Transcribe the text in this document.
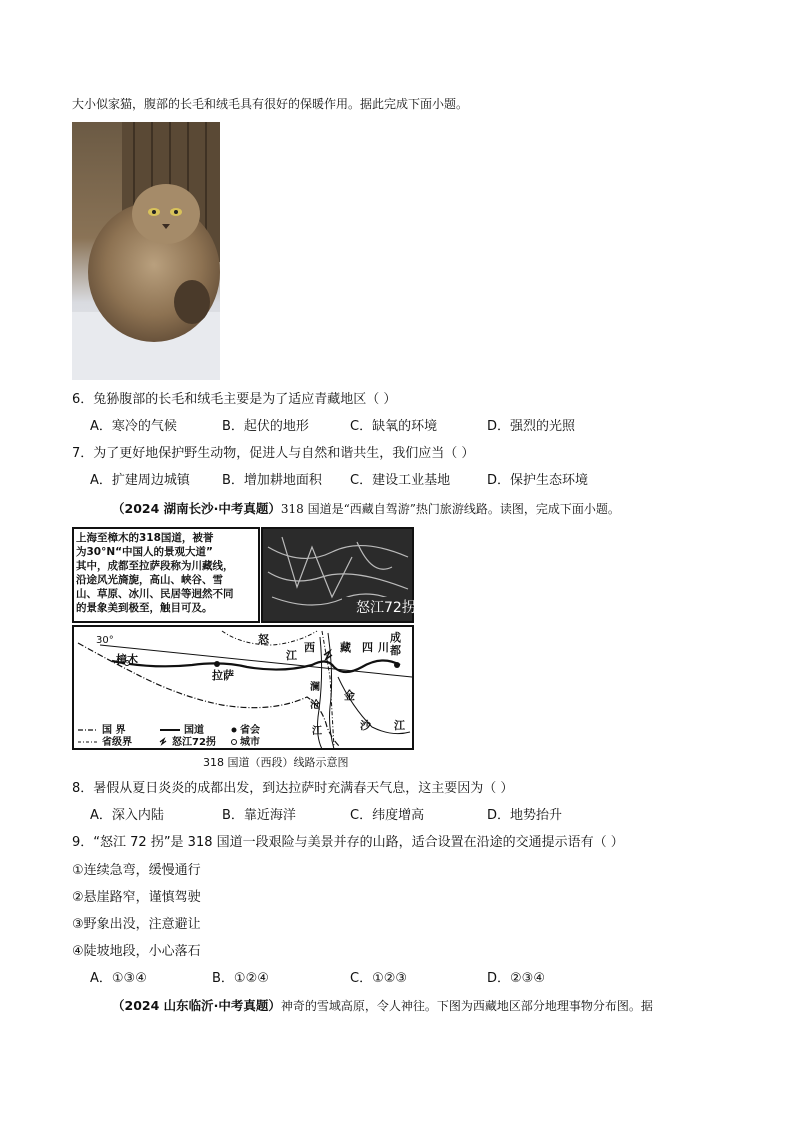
大小似家猫，腹部的长毛和绒毛具有很好的保暖作用。据此完成下面小题。
6．兔狲腹部的长毛和绒毛主要是为了适应青藏地区（ ）
A．寒冷的气候	B．起伏的地形	C．缺氧的环境	D．强烈的光照
7．为了更好地保护野生动物，促进人与自然和谐共生，我们应当（ ）
A．扩建周边城镇 B．增加耕地面积 C．建设工业基地	D．保护生态环境
（2024 湖南长沙·中考真题）318 国道是“西藏自驾游”热门旅游线路。读图，完成下面小题。
上海至樟木的318国道，被誉
为30°N“中国人的景观大道”
其中，成都至拉萨段称为川藏线，
沿途风光旖旎，高山、峡谷、雪
山、草原、冰川、民居等迥然不同
的景象美到极至，触目可及。	怒江72拐
30°
樟木
拉萨
成都
西 藏 四 川
怒
江
澜
沧
江
金
沙 江
国 界	国道	省会
省级界	怒江72拐 城市
318 国道（西段）线路示意图
8．暑假从夏日炎炎的成都出发，到达拉萨时充满春天气息，这主要因为（ ）
A．深入内陆	B．靠近海洋	C．纬度增高	D．地势抬升
9．“怒江 72 拐”是 318 国道一段艰险与美景并存的山路，适合设置在沿途的交通提示语有（ ）
①连续急弯，缓慢通行
②悬崖路窄，谨慎驾驶
③野象出没，注意避让
④陡坡地段，小心落石
A．①③④	B．①②④	C．①②③	D．②③④
（2024 山东临沂·中考真题）神奇的雪域高原，令人神往。下图为西藏地区部分地理事物分布图。据
